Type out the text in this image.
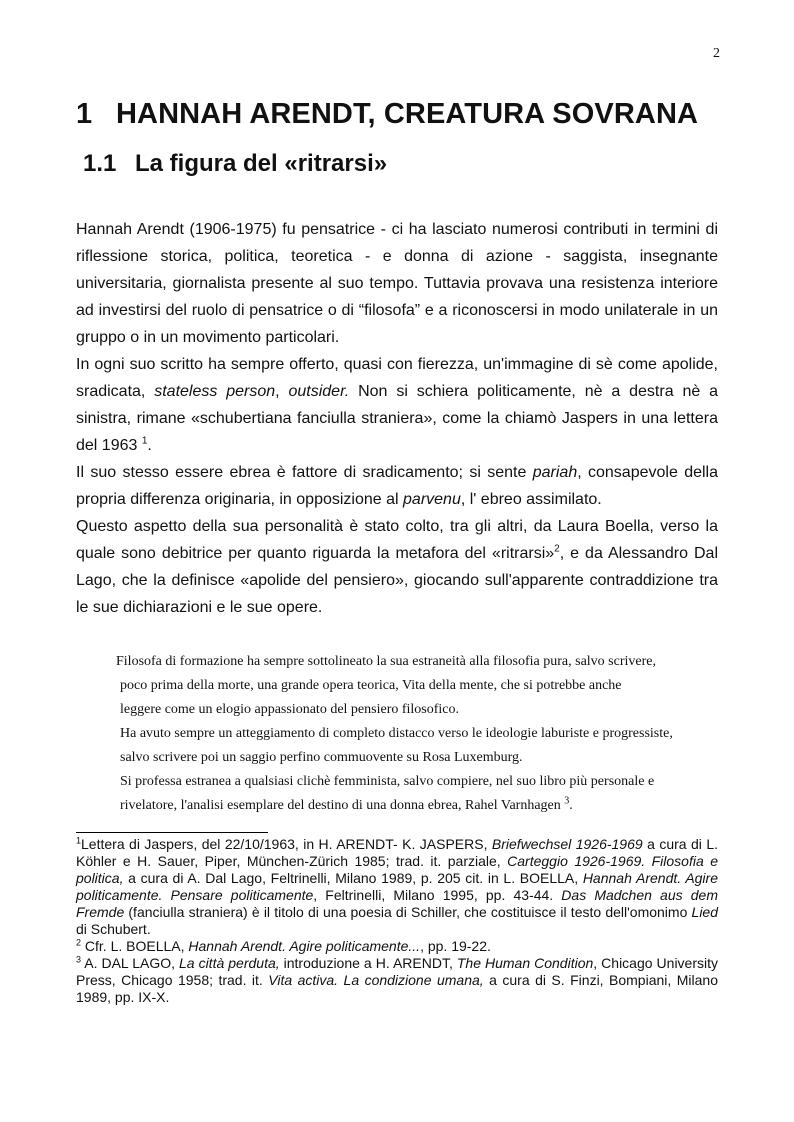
2
1 HANNAH ARENDT, CREATURA SOVRANA
1.1 La figura del «ritrarsi»

Hannah Arendt (1906-1975) fu pensatrice - ci ha lasciato numerosi contributi in termini di riflessione storica, politica, teoretica - e donna di azione - saggista, insegnante universitaria, giornalista presente al suo tempo. Tuttavia provava una resistenza interiore ad investirsi del ruolo di pensatrice o di “filosofa” e a riconoscersi in modo unilaterale in un gruppo o in un movimento particolari.

In ogni suo scritto ha sempre offerto, quasi con fierezza, un'immagine di sè come apolide, sradicata, stateless person, outsider. Non si schiera politicamente, nè a destra nè a sinistra, rimane «schubertiana fanciulla straniera», come la chiamò Jaspers in una lettera del 1963 $^1$.

Il suo stesso essere ebrea è fattore di sradicamento; si sente pariah, consapevole della propria differenza originaria, in opposizione al parvenu, l' ebreo assimilato.

Questo aspetto della sua personalità è stato colto, tra gli altri, da Laura Boella, verso la quale sono debitrice per quanto riguarda la metafora del «ritrarsi»$^2$, e da Alessandro Dal Lago, che la definisce «apolide del pensiero», giocando sull'apparente contraddizione tra le sue dichiarazioni e le sue opere.

Filosofa di formazione ha sempre sottolineato la sua estraneità alla filosofia pura, salvo scrivere,

poco prima della morte, una grande opera teorica, Vita della mente, che si potrebbe anche

leggere come un elogio appassionato del pensiero filosofico.

Ha avuto sempre un atteggiamento di completo distacco verso le ideologie laburiste e progressiste,

salvo scrivere poi un saggio perfino commuovente su Rosa Luxemburg.

Si professa estranea a qualsiasi clichè femminista, salvo compiere, nel suo libro più personale e

rivelatore, l'analisi esemplare del destino di una donna ebrea, Rahel Varnhagen $^3$.

$^1$Lettera di Jaspers, del 22/10/1963, in H. ARENDT- K. JASPERS, Briefwechsel 1926-1969 a cura di L. Köhler e H. Sauer, Piper, München-Zürich 1985; trad. it. parziale, Carteggio 1926-1969. Filosofia e politica, a cura di A. Dal Lago, Feltrinelli, Milano 1989, p. 205 cit. in L. BOELLA, Hannah Arendt. Agire politicamente. Pensare politicamente, Feltrinelli, Milano 1995, pp. 43-44. Das Madchen aus dem Fremde (fanciulla straniera) è il titolo di una poesia di Schiller, che costituisce il testo dell'omonimo Lied di Schubert.

$^2$ Cfr. L. BOELLA, Hannah Arendt. Agire politicamente..., pp. 19-22.

$^3$ A. DAL LAGO, La città perduta, introduzione a H. ARENDT, The Human Condition, Chicago University Press, Chicago 1958; trad. it. Vita activa. La condizione umana, a cura di S. Finzi, Bompiani, Milano 1989, pp. IX-X.
